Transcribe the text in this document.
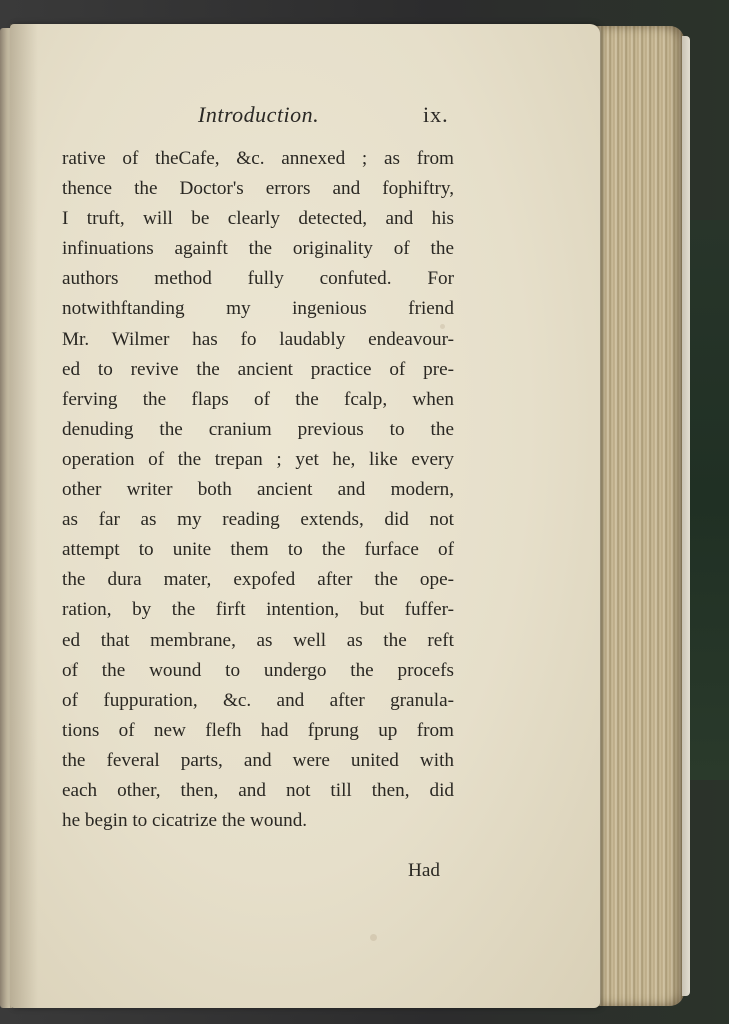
Introduction.	ix.
rative of theCafe, &c. annexed ; as from
thence the Doctor's errors and fophiftry,
I truft, will be clearly detected, and his
infinuations againft the originality of the
authors method fully confuted. For
notwithftanding my ingenious friend
Mr. Wilmer has fo laudably endeavour-
ed to revive the ancient practice of pre-
ferving the flaps of the fcalp, when
denuding the cranium previous to the
operation of the trepan ; yet he, like every
other writer both ancient and modern,
as far as my reading extends, did not
attempt to unite them to the furface of
the dura mater, expofed after the ope-
ration, by the firft intention, but fuffer-
ed that membrane, as well as the reft
of the wound to undergo the procefs
of fuppuration, &c. and after granula-
tions of new flefh had fprung up from
the feveral parts, and were united with
each other, then, and not till then, did
he begin to cicatrize the wound.
Had
